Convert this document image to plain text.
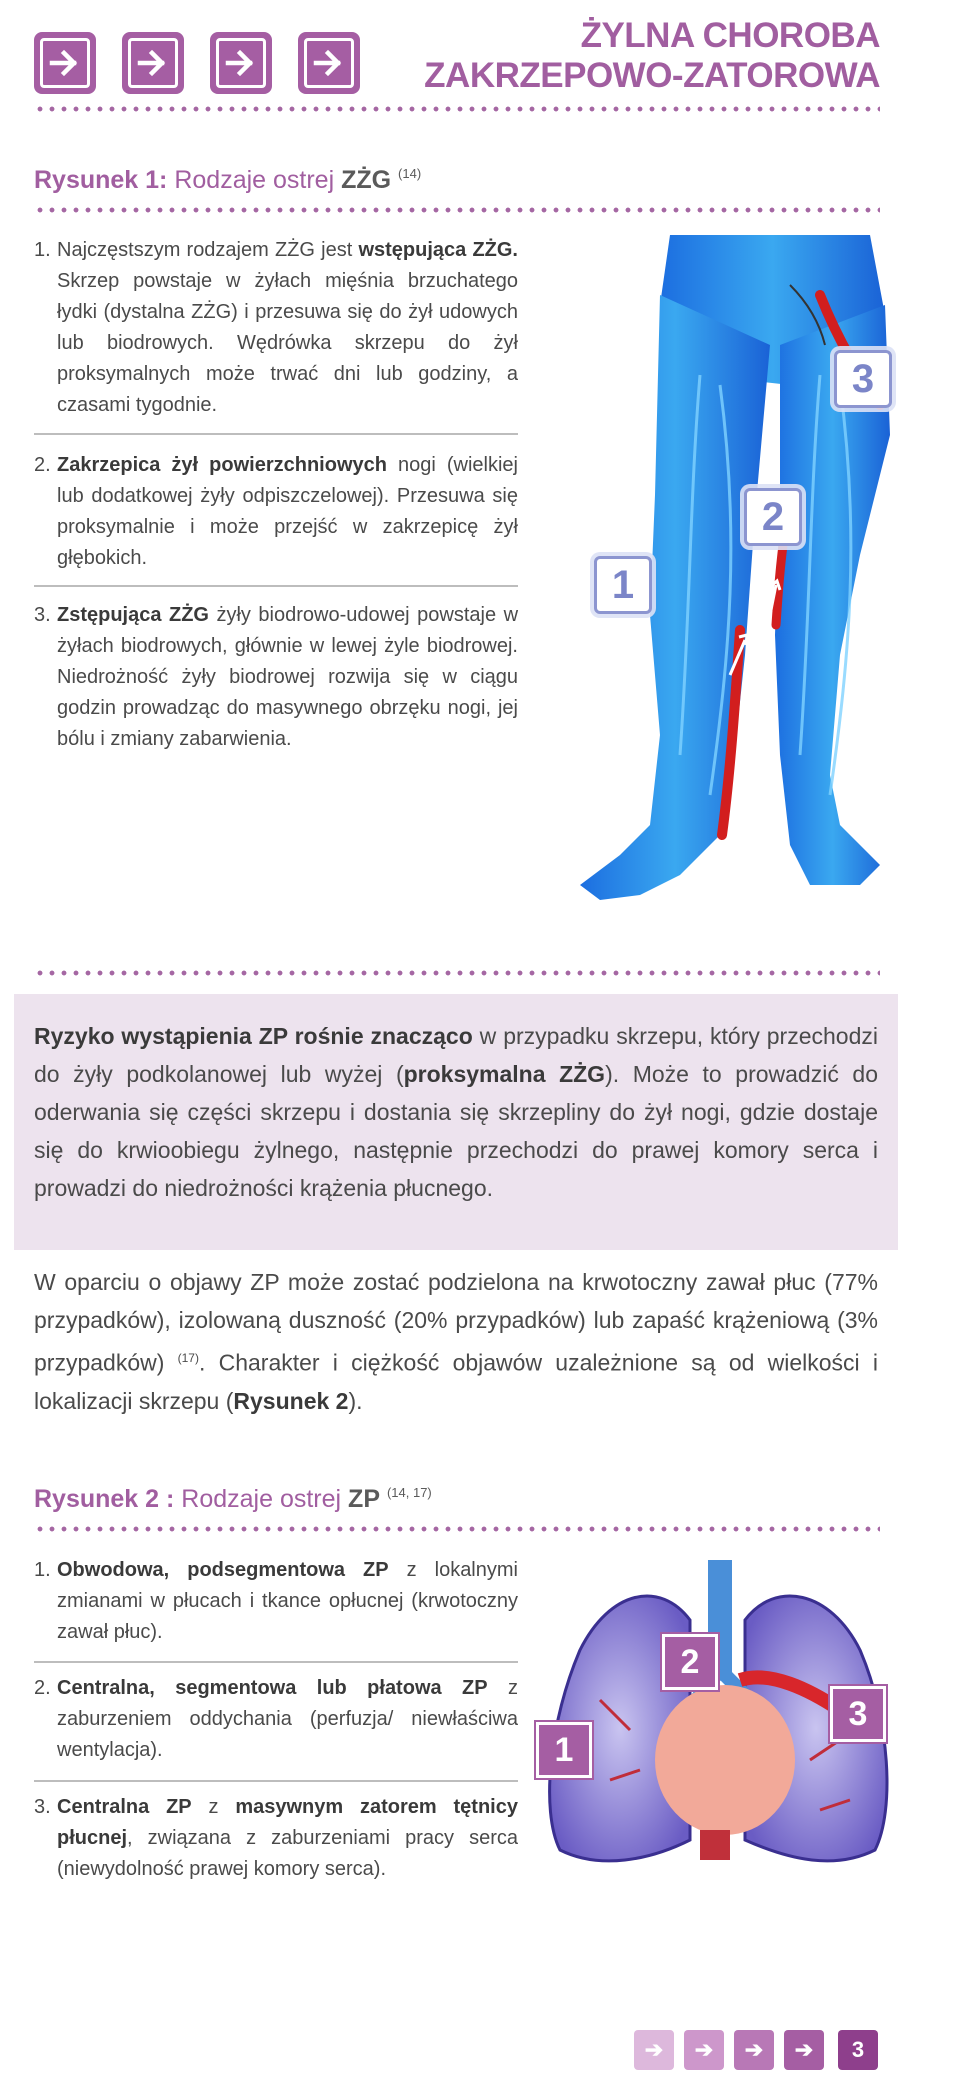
ŻYLNA CHOROBA
ZAKRZEPOWO-ZATOROWA
Rysunek 1: Rodzaje ostrej ZŻG $^{(14)}$
1. Najczęstszym rodzajem ZŻG jest wstępująca ZŻG. Skrzep powstaje w żyłach mięśnia brzuchatego łydki (dystalna ZŻG) i przesuwa się do żył udowych lub biodrowych. Wędrówka skrzepu do żył proksymalnych może trwać dni lub godziny, a czasami tygodnie.
2. Zakrzepica żył powierzchniowych nogi (wielkiej lub dodatkowej żyły odpiszczelowej). Przesuwa się proksymalnie i może przejść w zakrzepicę żył głębokich.
3. Zstępująca ZŻG żyły biodrowo-udowej powstaje w żyłach biodrowych, głównie w lewej żyle biodrowej. Niedrożność żyły biodrowej rozwija się w ciągu godzin prowadząc do masywnego obrzęku nogi, jej bólu i zmiany zabarwienia.
1
2
3
Ryzyko wystąpienia ZP rośnie znacząco w przypadku skrzepu, który przechodzi do żyły podkolanowej lub wyżej (proksymalna ZŻG). Może to prowadzić do oderwania się części skrzepu i dostania się skrzepliny do żył nogi, gdzie dostaje się do krwioobiegu żylnego, następnie przechodzi do prawej komory serca i prowadzi do niedrożności krążenia płucnego.
W oparciu o objawy ZP może zostać podzielona na krwotoczny zawał płuc (77% przypadków), izolowaną duszność (20% przypadków) lub zapaść krążeniową (3% przypadków) $^{(17)}$. Charakter i ciężkość objawów uzależnione są od wielkości i lokalizacji skrzepu (Rysunek 2).
Rysunek 2 : Rodzaje ostrej ZP $^{(14, 17)}$
1. Obwodowa, podsegmentowa ZP z lokalnymi zmianami w płucach i tkance opłucnej (krwotoczny zawał płuc).
2. Centralna, segmentowa lub płatowa ZP z zaburzeniem oddychania (perfuzja/ niewłaściwa wentylacja).
3. Centralna ZP z masywnym zatorem tętnicy płucnej, związana z zaburzeniami pracy serca (niewydolność prawej komory serca).
1
2
3
➔	➔	➔	➔	3
